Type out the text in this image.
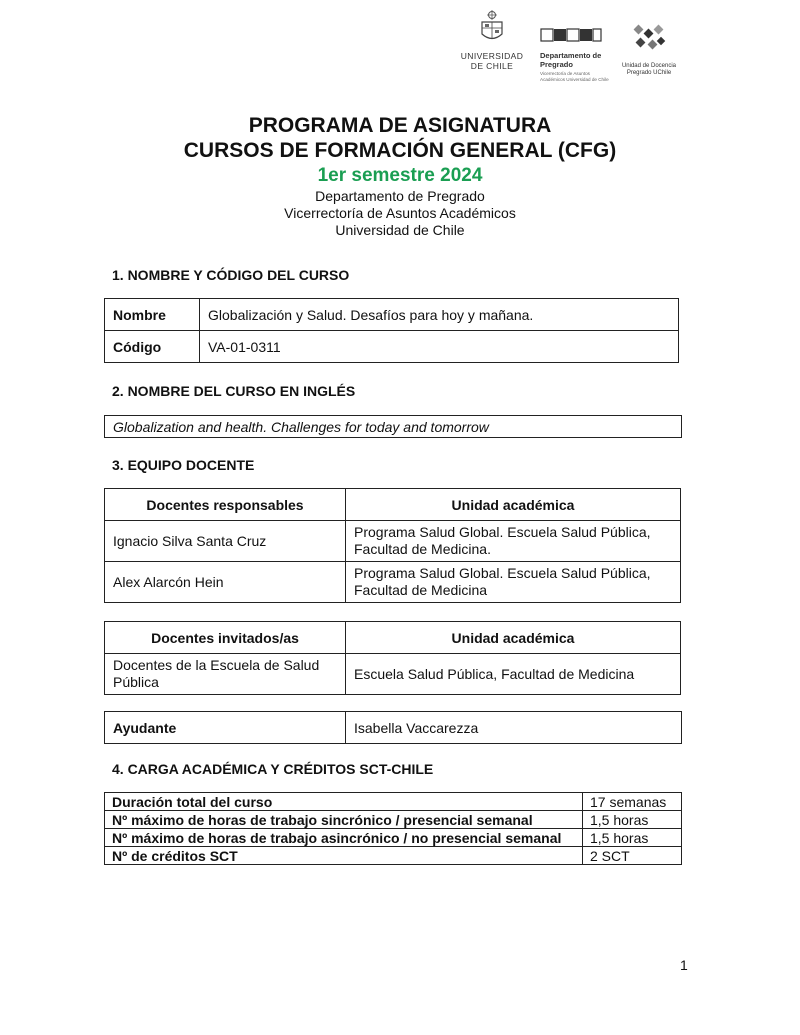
UNIVERSIDAD DE CHILE
Departamento de Pregrado
Vicerrectoría de Asuntos Académicos Universidad de Chile
Unidad de Docencia Pregrado UChile
PROGRAMA DE ASIGNATURA
CURSOS DE FORMACIÓN GENERAL (CFG)
1er semestre 2024
Departamento de Pregrado
Vicerrectoría de Asuntos Académicos
Universidad de Chile
1. NOMBRE Y CÓDIGO DEL CURSO
Nombre	Globalización y Salud. Desafíos para hoy y mañana.
Código	VA-01-0311
2. NOMBRE DEL CURSO EN INGLÉS
Globalization and health. Challenges for today and tomorrow
3. EQUIPO DOCENTE
Docentes responsables	Unidad académica
Ignacio Silva Santa Cruz	Programa Salud Global. Escuela Salud Pública, Facultad de Medicina.
Alex Alarcón Hein	Programa Salud Global. Escuela Salud Pública, Facultad de Medicina
Docentes invitados/as	Unidad académica
Docentes de la Escuela de Salud Pública	Escuela Salud Pública, Facultad de Medicina
Ayudante	Isabella Vaccarezza
4. CARGA ACADÉMICA Y CRÉDITOS SCT-CHILE
Duración total del curso	17 semanas
Nº máximo de horas de trabajo sincrónico / presencial semanal	1,5 horas
Nº máximo de horas de trabajo asincrónico / no presencial semanal	1,5 horas
Nº de créditos SCT	2 SCT
1
